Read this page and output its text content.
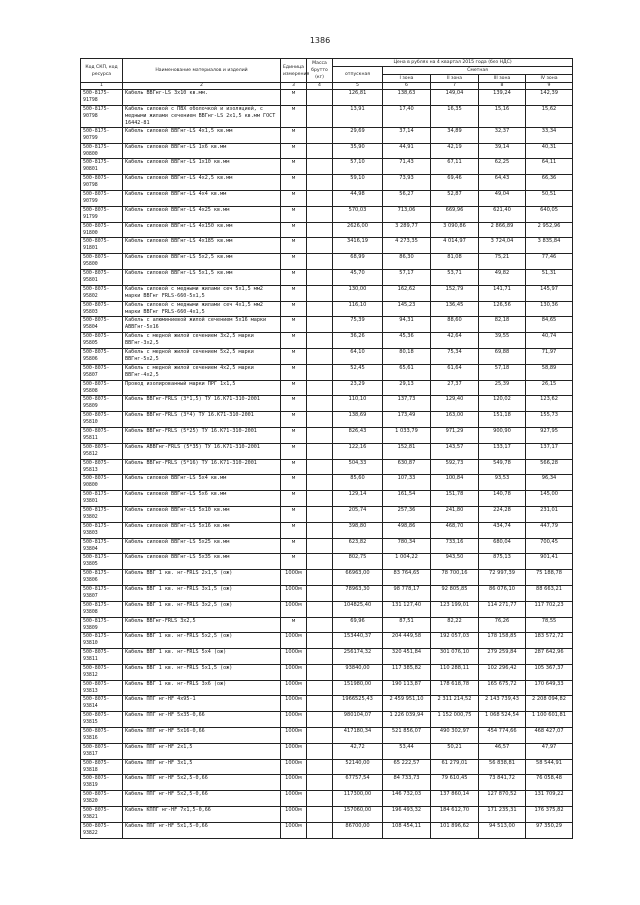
1386
Код СКП, код ресурса	Наименование материалов и изделий	Единица измерения	Масса брутто (кг)	Цена в рублях на 4 квартал 2015 года (без НДС)				
				отпускная	Сметная			
					I зона	II зона	III зона	IV зона
1	2	3	4	5	6	7	8	9
500-8175-91798	Кабель ВВГнг-LS 3х10 кв.мм.	м		126,81	138,63	149,04	139,24	142,39
500-8175-90798	Кабель силовой с ПВХ оболочкой и изоляцией, с медными жилами сечением ВВГнг-LS 2х1,5 кв.мм ГОСТ 16442-81	м		13,91	17,40	16,35	15,16	15,62
500-8175-90799	Кабель силовой ВВГнг-LS 4х1,5 кв.мм	м		29,69	37,14	34,89	32,37	33,34
500-8175-90800	Кабель силовой ВВГнг-LS 1х6 кв.мм	м		35,90	44,91	42,19	39,14	40,31
500-8175-90801	Кабель силовой ВВГнг-LS 1х10 кв.мм	м		57,10	71,43	67,11	62,25	64,11
500-8075-90798	Кабель силовой ВВГнг-LS 4х2,5 кв.мм	м		59,10	73,93	69,46	64,43	66,36
500-8075-90799	Кабель силовой ВВГнг-LS 4х4 кв.мм	м		44,98	56,27	52,87	49,04	50,51
500-8075-91799	Кабель силовой ВВГнг-LS 4х25 кв.мм	м		570,03	713,06	669,96	621,40	640,05
500-8075-91800	Кабель силовой ВВГнг-LS 4х150 кв.мм	м		2626,00	3 289,77	3 090,86	2 866,89	2 952,96
500-8075-91801	Кабель силовой ВВГнг-LS 4х185 кв.мм	м		3416,19	4 273,35	4 014,97	3 724,04	3 835,84
500-8075-95800	Кабель силовой ВВГнг-LS 5х2,5 кв.мм	м		68,99	86,30	81,08	75,21	77,46
500-8075-95801	Кабель силовой ВВГнг-LS 5х1,5 кв.мм	м		45,70	57,17	53,71	49,82	51,31
500-8075-95802	Кабель силовой с медными жилами сеч 5х1,5 мм2 марки ВВГнг FRLS-660-5х1,5	м		130,00	162,62	152,79	141,71	145,97
500-8075-95803	Кабель силовой с медными жилами сеч 4х1,5 мм2 марки ВВГнг FRLS-660-4х1,5	м		116,10	145,23	136,45	126,56	130,36
500-8075-95804	Кабель с алюминиевой жилой сечением 5х16 марки АВВГнг-5х16	м		75,39	94,31	88,60	82,18	84,65
500-8075-95805	Кабель с медной жилой сечением 3х2,5 марки ВВГнг-3х2,5	м		36,26	45,36	42,64	39,55	40,74
500-8075-95806	Кабель с медной жилой сечением 5х2,5 марки ВВГнг-5х2,5	м		64,10	80,18	75,34	69,88	71,97
500-8075-95807	Кабель с медной жилой сечением 4х2,5 марки ВВГнг-4х2,5	м		52,45	65,61	61,64	57,18	58,89
500-8075-95808	Провод изолированный марки ПРГ 1х1,5	м		23,29	29,13	27,37	25,39	26,15
500-8075-95809	Кабель ВВГнг-FRLS (3*1,5) ТУ 16.К71-310-2001	м		110,10	137,73	129,40	120,02	123,62
500-8075-95810	Кабель ВВГнг-FRLS (3*4) ТУ 16.К71-310-2001	м		138,69	173,49	163,00	151,18	155,73
500-8075-95811	Кабель ВВГнг-FRLS (5*25) ТУ 16.К71-310-2001	м		826,43	1 033,79	971,29	900,90	927,95
500-8075-95812	Кабель АВВГнг-FRLS (5*35) ТУ 16.К71-310-2001	м		122,16	152,81	143,57	133,17	137,17
500-8075-95813	Кабель ВВГнг-FRLS (5*16) ТУ 16.К71-310-2001	м		504,33	630,87	592,73	549,78	566,28
500-8075-90800	Кабель силовой ВВГнг-LS 5х4 кв.мм	м		85,60	107,33	100,84	93,53	96,34
500-8175-93801	Кабель силовой ВВГнг-LS 5х6 кв.мм	м		129,14	161,54	151,78	140,78	145,00
500-8175-93802	Кабель силовой ВВГнг-LS 5х10 кв.мм	м		205,74	257,36	241,80	224,28	231,01
500-8175-93803	Кабель силовой ВВГнг-LS 5х16 кв.мм	м		398,80	498,86	468,70	434,74	447,79
500-8175-93804	Кабель силовой ВВГнг-LS 5х25 кв.мм	м		623,82	780,34	733,16	680,04	700,45
500-8175-93805	Кабель силовой ВВГнг-LS 5х35 кв.мм	м		802,75	1 004,22	943,50	875,13	901,41
500-8175-93806	Кабель ВВГ 1 кв. нг-FRLS 2х1,5 (ож)	1000м		66963,00	83 764,65	78 700,16	72 997,39	75 188,78
500-8175-93807	Кабель ВВГ 1 кв. нг-FRLS 3х1,5 (ож)	1000м		78963,30	98 778,17	92 805,85	86 076,10	88 663,21
500-8175-93808	Кабель ВВГ 1 кв. нг-FRLS 3х2,5 (ож)	1000м		104825,40	131 127,40	123 199,01	114 271,77	117 702,23
500-8175-93809	Кабель ВВГнг-FRLS 3х2,5	м		69,96	87,51	82,22	76,26	78,55
500-8175-93810	Кабель ВВГ 1 кв. нг-FRLS 5х2,5 (ож)	1000м		153440,37	204 449,58	192 057,03	178 158,85	183 572,72
500-8075-93811	Кабель ВВГ 1 кв. нг-FRLS 5х4 (ож)	1000м		256174,32	320 451,84	301 076,10	279 259,84	287 642,96
500-8075-93812	Кабель ВВГ 1 кв. нг-FRLS 5х1,5 (ож)	1000м		93840,00	117 385,82	110 288,11	102 296,42	105 367,37
500-8075-93813	Кабель ВВГ 1 кв. нг-FRLS 3х6 (ож)	1000м		151980,00	190 113,87	178 618,78	165 675,72	170 649,33
500-8075-93814	Кабель ППГ нг-HF 4х95-1	1000м		1966525,43	2 459 951,10	2 311 214,52	2 143 739,43	2 208 094,82
500-8075-93815	Кабель ППГ нг-HF 5х35-0,66	1000м		980104,07	1 226 039,94	1 152 000,75	1 068 524,54	1 100 601,81
500-8075-93816	Кабель ППГ нг-HF 5х16-0,66	1000м		417180,34	521 856,07	490 302,97	454 774,66	468 427,07
500-8075-93817	Кабель ППГ нг-HF 2х1,5	1000м		42,72	53,44	50,21	46,57	47,97
500-8075-93818	Кабель ППГ нг-HF 3х1,5	1000м		52140,00	65 222,57	61 279,01	56 838,81	58 544,91
500-8075-93819	Кабель ППГ нг-HF 5х2,5-0,66	1000м		67757,54	84 733,73	79 610,45	73 841,72	76 058,48
500-8075-93820	Кабель ППГ нг-HF 5х2,5-0,66	1000м		117300,00	146 732,03	137 860,14	127 870,52	131 709,22
500-8075-93821	Кабель КППГ нг-HF 7х1,5-0,66	1000м		157060,00	196 493,32	184 612,70	171 235,31	176 375,82
500-8075-93822	Кабель ППГ нг-HF 5х1,5-0,66	1000м		86700,00	108 454,11	101 896,62	94 513,00	97 350,29
